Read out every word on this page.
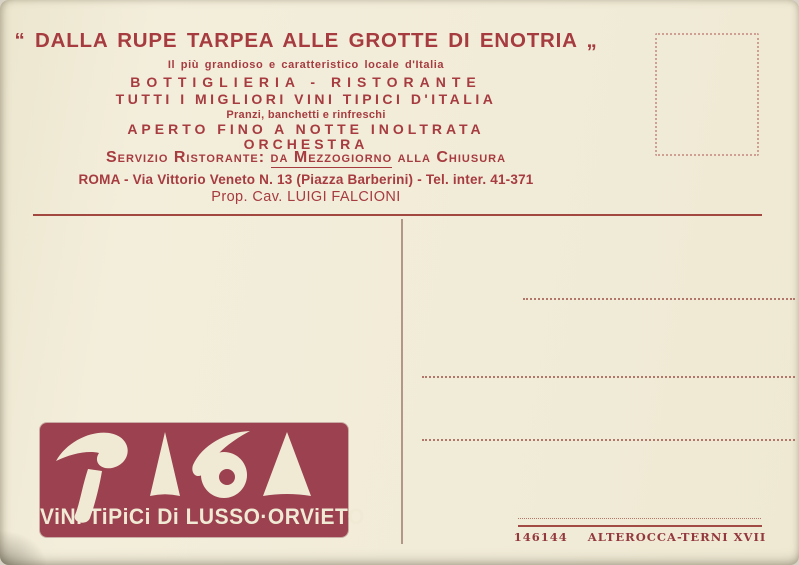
“ DALLA RUPE TARPEA ALLE GROTTE DI ENOTRIA „
Il più grandioso e caratteristico locale d'Italia
BOTTIGLIERIA - RISTORANTE
TUTTI I MIGLIORI VINI TIPICI D'ITALIA
Pranzi, banchetti e rinfreschi
APERTO FINO A NOTTE INOLTRATA
ORCHESTRA
Servizio Ristorante: da Mezzogiorno alla Chiusura
ROMA - Via Vittorio Veneto N. 13 (Piazza Barberini) - Tel. inter. 41-371
Prop. Cav. LUIGI FALCIONI
146144 ALTEROCCA-TERNI XVII
ViNi TiPiCi Di LUSSO·ORViETO
